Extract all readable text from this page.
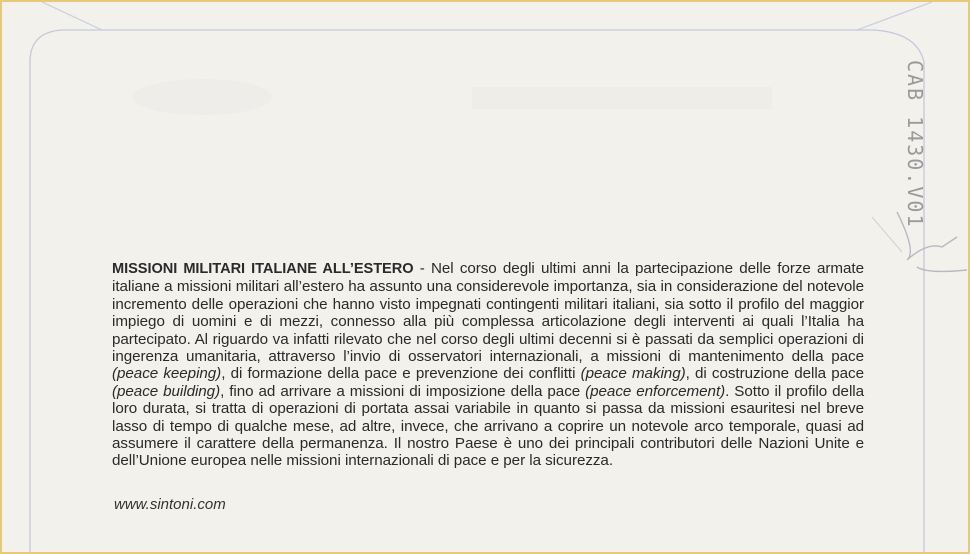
CAB 1430.V01
MISSIONI MILITARI ITALIANE ALL’ESTERO - Nel corso degli ultimi anni la partecipazione delle forze armate italiane a missioni militari all’estero ha assunto una considerevole importanza, sia in considerazione del notevole incremento delle operazioni che hanno visto impegnati contingenti militari italiani, sia sotto il profilo del maggior impiego di uomini e di mezzi, connesso alla più complessa articolazione degli interventi ai quali l’Italia ha partecipato. Al riguardo va infatti rilevato che nel corso degli ultimi decenni si è passati da semplici operazioni di ingerenza umanitaria, attraverso l’invio di osservatori internazionali, a missioni di mantenimento della pace (peace keeping), di formazione della pace e prevenzione dei conflitti (peace making), di costruzione della pace (peace building), fino ad arrivare a missioni di imposizione della pace (peace enforcement). Sotto il profilo della loro durata, si tratta di operazioni di portata assai variabile in quanto si passa da missioni esauritesi nel breve lasso di tempo di qualche mese, ad altre, invece, che arrivano a coprire un notevole arco temporale, quasi ad assumere il carattere della permanenza. Il nostro Paese è uno dei principali contributori delle Nazioni Unite e dell’Unione europea nelle missioni internazionali di pace e per la sicurezza.
www.sintoni.com
